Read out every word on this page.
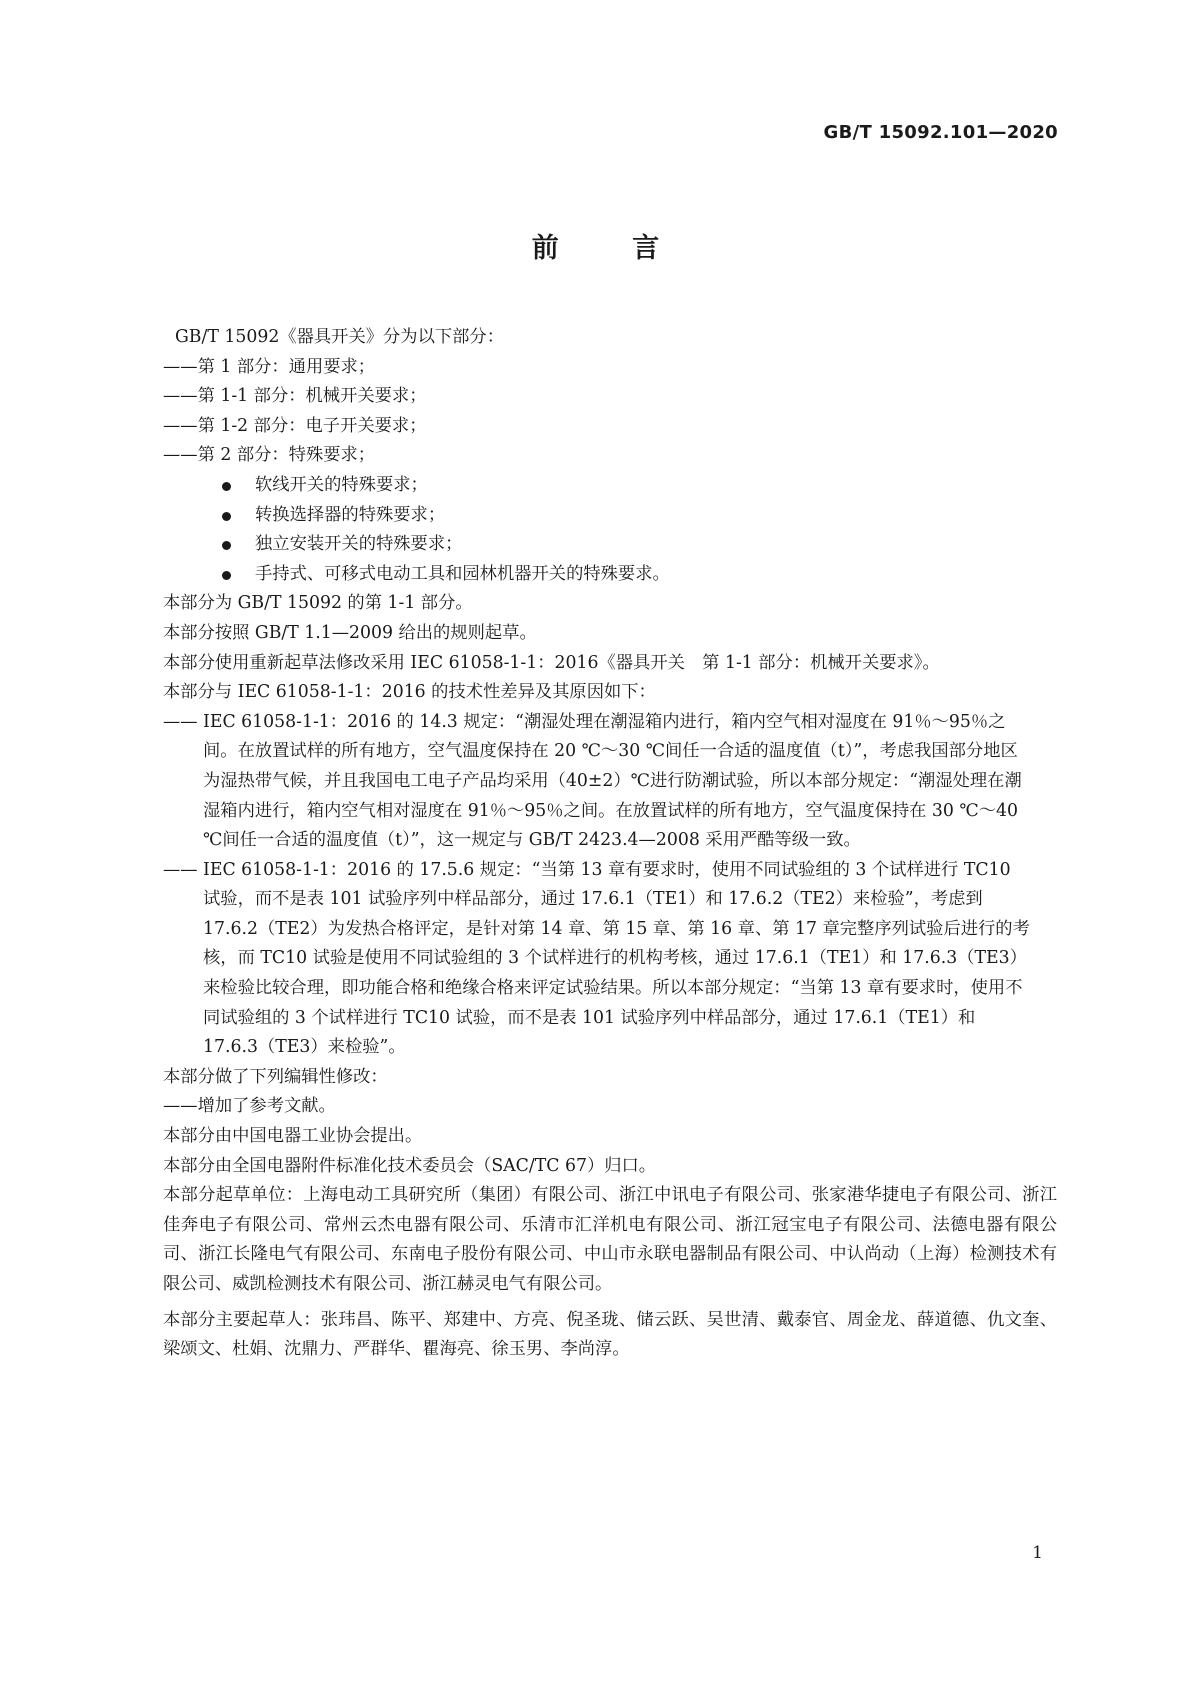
GB/T 15092.101—2020
前 言

GB/T 15092《器具开关》分为以下部分：

——第 1 部分：通用要求；

——第 1-1 部分：机械开关要求；

——第 1-2 部分：电子开关要求；

——第 2 部分：特殊要求；

软线开关的特殊要求；
转换选择器的特殊要求；
独立安装开关的特殊要求；
手持式、可移式电动工具和园林机器开关的特殊要求。

本部分为 GB/T 15092 的第 1-1 部分。

本部分按照 GB/T 1.1—2009 给出的规则起草。

本部分使用重新起草法修改采用 IEC 61058-1-1：2016《器具开关　第 1-1 部分：机械开关要求》。

本部分与 IEC 61058-1-1：2016 的技术性差异及其原因如下：

—— IEC 61058-1-1：2016 的 14.3 规定：“潮湿处理在潮湿箱内进行，箱内空气相对湿度在 91％～95％之间。在放置试样的所有地方，空气温度保持在 20 ℃～30 ℃间任一合适的温度值（t）”，考虑我国部分地区为湿热带气候，并且我国电工电子产品均采用（40±2）℃进行防潮试验，所以本部分规定：“潮湿处理在潮湿箱内进行，箱内空气相对湿度在 91％～95％之间。在放置试样的所有地方，空气温度保持在 30 ℃～40 ℃间任一合适的温度值（t）”，这一规定与 GB/T 2423.4—2008 采用严酷等级一致。
—— IEC 61058-1-1：2016 的 17.5.6 规定：“当第 13 章有要求时，使用不同试验组的 3 个试样进行 TC10 试验，而不是表 101 试验序列中样品部分，通过 17.6.1（TE1）和 17.6.2（TE2）来检验”，考虑到 17.6.2（TE2）为发热合格评定，是针对第 14 章、第 15 章、第 16 章、第 17 章完整序列试验后进行的考核，而 TC10 试验是使用不同试验组的 3 个试样进行的机构考核，通过 17.6.1（TE1）和 17.6.3（TE3）来检验比较合理，即功能合格和绝缘合格来评定试验结果。所以本部分规定：“当第 13 章有要求时，使用不同试验组的 3 个试样进行 TC10 试验，而不是表 101 试验序列中样品部分，通过 17.6.1（TE1）和 17.6.3（TE3）来检验”。

本部分做了下列编辑性修改：

——增加了参考文献。

本部分由中国电器工业协会提出。

本部分由全国电器附件标准化技术委员会（SAC/TC 67）归口。

本部分起草单位：上海电动工具研究所（集团）有限公司、浙江中讯电子有限公司、张家港华捷电子有限公司、浙江佳奔电子有限公司、常州云杰电器有限公司、乐清市汇洋机电有限公司、浙江冠宝电子有限公司、法德电器有限公司、浙江长隆电气有限公司、东南电子股份有限公司、中山市永联电器制品有限公司、中认尚动（上海）检测技术有限公司、威凯检测技术有限公司、浙江赫灵电气有限公司。

本部分主要起草人：张玮昌、陈平、郑建中、方亮、倪圣珑、储云跃、吴世清、戴泰官、周金龙、薛道德、仇文奎、梁颂文、杜娟、沈鼎力、严群华、瞿海亮、徐玉男、李尚淳。

1
